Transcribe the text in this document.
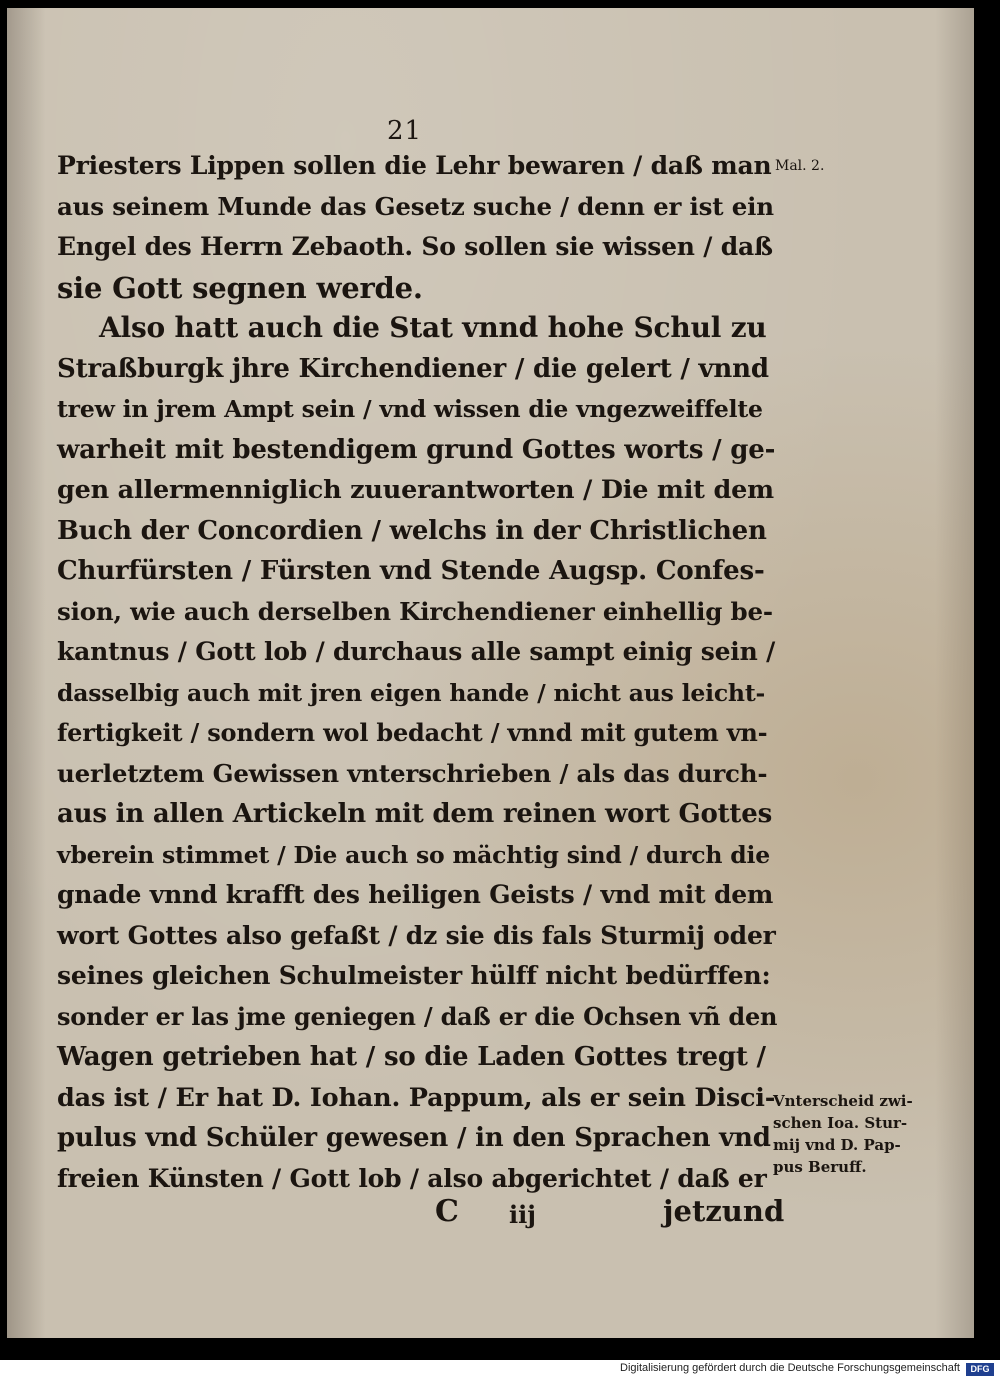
21
Priesters Lippen sollen die Lehr bewaren / daß man
aus seinem Munde das Gesetz suche / denn er ist ein
Engel des Herrn Zebaoth. So sollen sie wissen / daß
sie Gott segnen werde.
Also hatt auch die Stat vnnd hohe Schul zu
Straßburgk jhre Kirchendiener / die gelert / vnnd
trew in jrem Ampt sein / vnd wissen die vngezweiffelte
warheit mit bestendigem grund Gottes worts / ge-
gen allermenniglich zuuerantworten / Die mit dem
Buch der Concordien / welchs in der Christlichen
Churfürsten / Fürsten vnd Stende Augsp. Confes-
sion, wie auch derselben Kirchendiener einhellig be-
kantnus / Gott lob / durchaus alle sampt einig sein /
dasselbig auch mit jren eigen hande / nicht aus leicht-
fertigkeit / sondern wol bedacht / vnnd mit gutem vn-
uerletztem Gewissen vnterschrieben / als das durch-
aus in allen Artickeln mit dem reinen wort Gottes
vberein stimmet / Die auch so mächtig sind / durch die
gnade vnnd krafft des heiligen Geists / vnd mit dem
wort Gottes also gefaßt / dz sie dis fals Sturmij oder
seines gleichen Schulmeister hülff nicht bedürffen:
sonder er las jme geniegen / daß er die Ochsen vñ den
Wagen getrieben hat / so die Laden Gottes tregt /
das ist / Er hat D. Iohan. Pappum, als er sein Disci-
pulus vnd Schüler gewesen / in den Sprachen vnd
freien Künsten / Gott lob / also abgerichtet / daß er
Mal. 2.
Vnterscheid zwi-
schen Ioa. Stur-
mij vnd D. Pap-
pus Beruff.
C iij	jetzund
Digitalisierung gefördert durch die Deutsche Forschungsgemeinschaft	DFG
